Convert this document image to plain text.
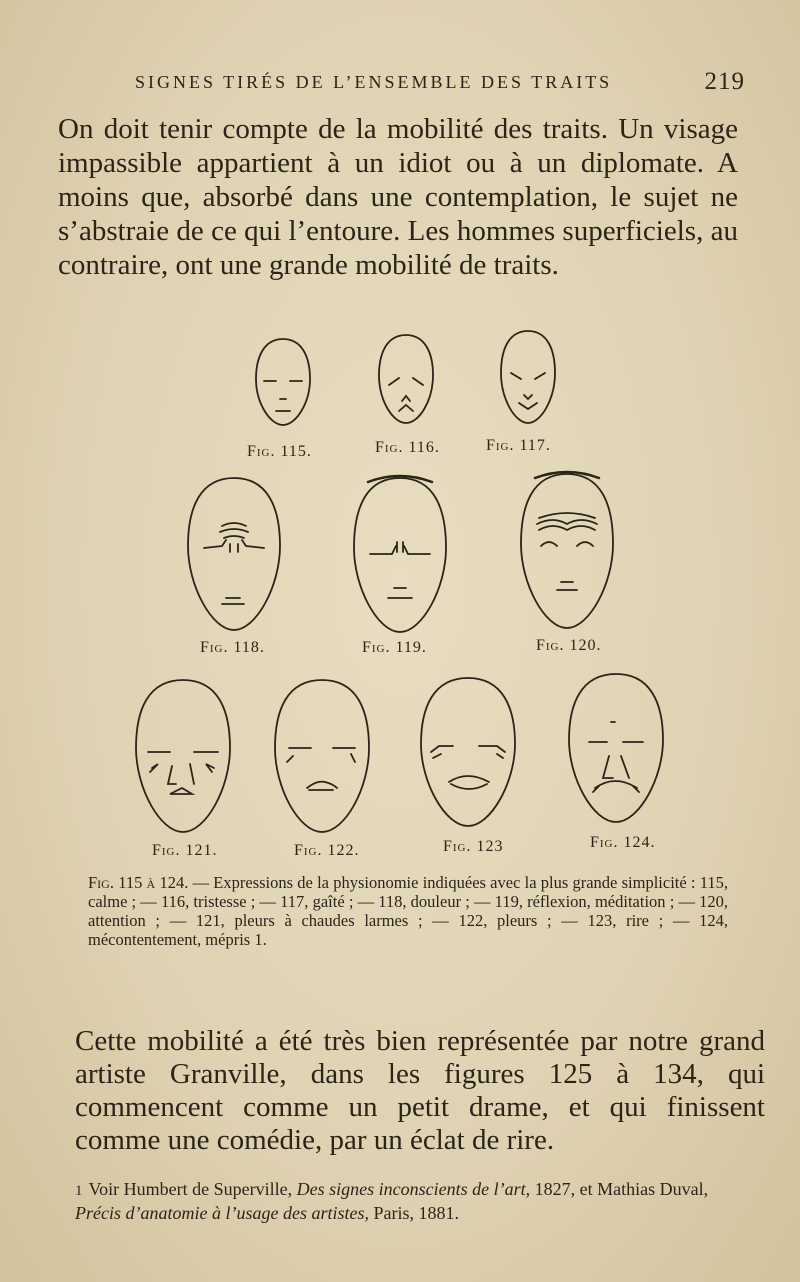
SIGNES TIRÉS DE L’ENSEMBLE DES TRAITS	219
On doit tenir compte de la mobilité des traits. Un visage impassible appartient à un idiot ou à un diplomate. A moins que, absorbé dans une contemplation, le sujet ne s’abstraie de ce qui l’entoure. Les hommes superficiels, au contraire, ont une grande mobilité de traits.
Fig. 115.	Fig. 116.	Fig. 117.
Fig. 118.	Fig. 119.	Fig. 120.
Fig. 121.	Fig. 122.	Fig. 123	Fig. 124.
Fig. 115 à 124. — Expressions de la physionomie indiquées avec la plus grande simplicité : 115, calme ; — 116, tristesse ; — 117, gaîté ; — 118, douleur ; — 119, réflexion, méditation ; — 120, attention ; — 121, pleurs à chaudes larmes ; — 122, pleurs ; — 123, rire ; — 124, mécontentement, mépris 1.
Cette mobilité a été très bien représentée par notre grand artiste Granville, dans les figures 125 à 134, qui commencent comme un petit drame, et qui finissent comme une comédie, par un éclat de rire.
1 Voir Humbert de Superville, Des signes inconscients de l’art, 1827, et Mathias Duval, Précis d’anatomie à l’usage des artistes, Paris, 1881.
